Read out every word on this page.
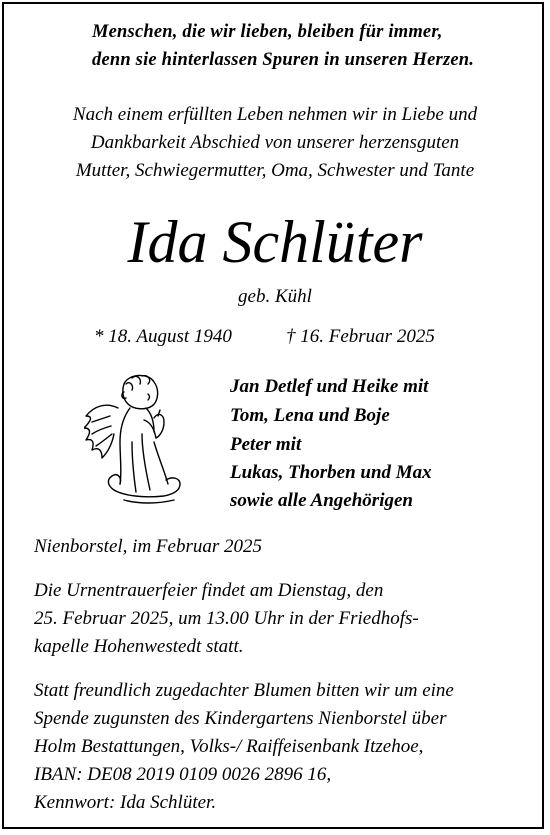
Menschen, die wir lieben, bleiben für immer,
denn sie hinterlassen Spuren in unseren Herzen.
Nach einem erfüllten Leben nehmen wir in Liebe und
Dankbarkeit Abschied von unserer herzensguten
Mutter, Schwiegermutter, Oma, Schwester und Tante
Ida Schlüter
geb. Kühl
* 18. August 1940	† 16. Februar 2025
Jan Detlef und Heike mit
Tom, Lena und Boje
Peter mit
Lukas, Thorben und Max
sowie alle Angehörigen
Nienborstel, im Februar 2025
Die Urnentrauerfeier findet am Dienstag, den
25. Februar 2025, um 13.00 Uhr in der Friedhofs-
kapelle Hohenwestedt statt.
Statt freundlich zugedachter Blumen bitten wir um eine
Spende zugunsten des Kindergartens Nienborstel über
Holm Bestattungen, Volks-/ Raiffeisenbank Itzehoe,
IBAN: DE08 2019 0109 0026 2896 16,
Kennwort: Ida Schlüter.
